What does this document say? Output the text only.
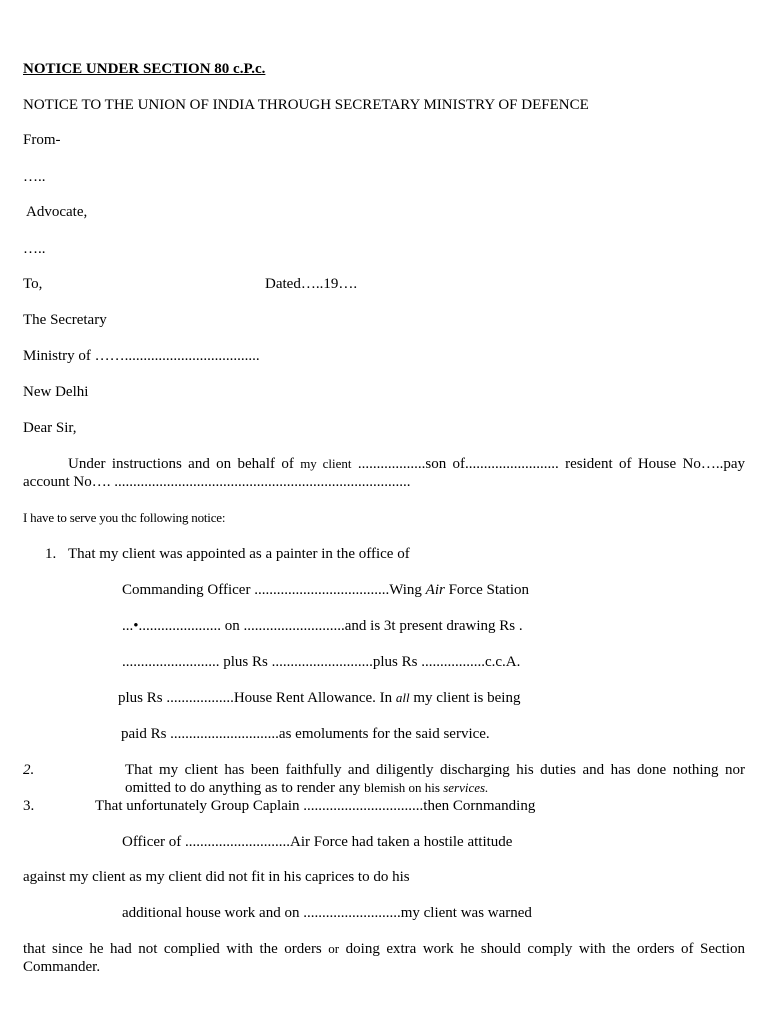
NOTICE UNDER SECTION 80 c.P.c.
NOTICE TO THE UNION OF INDIA THROUGH SECRETARY MINISTRY OF DEFENCE
From-
…..
Advocate,
…..
To,	Dated…..19….
The Secretary
Ministry of ……....................................
New Delhi
Dear Sir,
Under instructions and on behalf of my client ..................son of......................... resident of House No…..pay
account No…. ...............................................................................
I have to serve you thc following notice:
1. That my client was appointed as a painter in the office of
Commanding Officer ....................................Wing Air Force Station
...•...................... on ...........................and is 3t present drawing Rs .
.......................... plus Rs ...........................plus Rs .................c.c.A.
plus Rs ..................House Rent Allowance. In all my client is being
paid Rs .............................as emoluments for the said service.
2.	That my client has been faithfully and diligently discharging his duties and has done nothing nor
omitted to do anything as to render any blemish on his services.
3.	That unfortunately Group Caplain ................................then Cornmanding
Officer of ............................Air Force had taken a hostile attitude
against my client as my client did not fit in his caprices to do his
additional house work and on ..........................my client was warned
that since he had not complied with the orders or doing extra work he should comply with the orders of Section
Commander.
